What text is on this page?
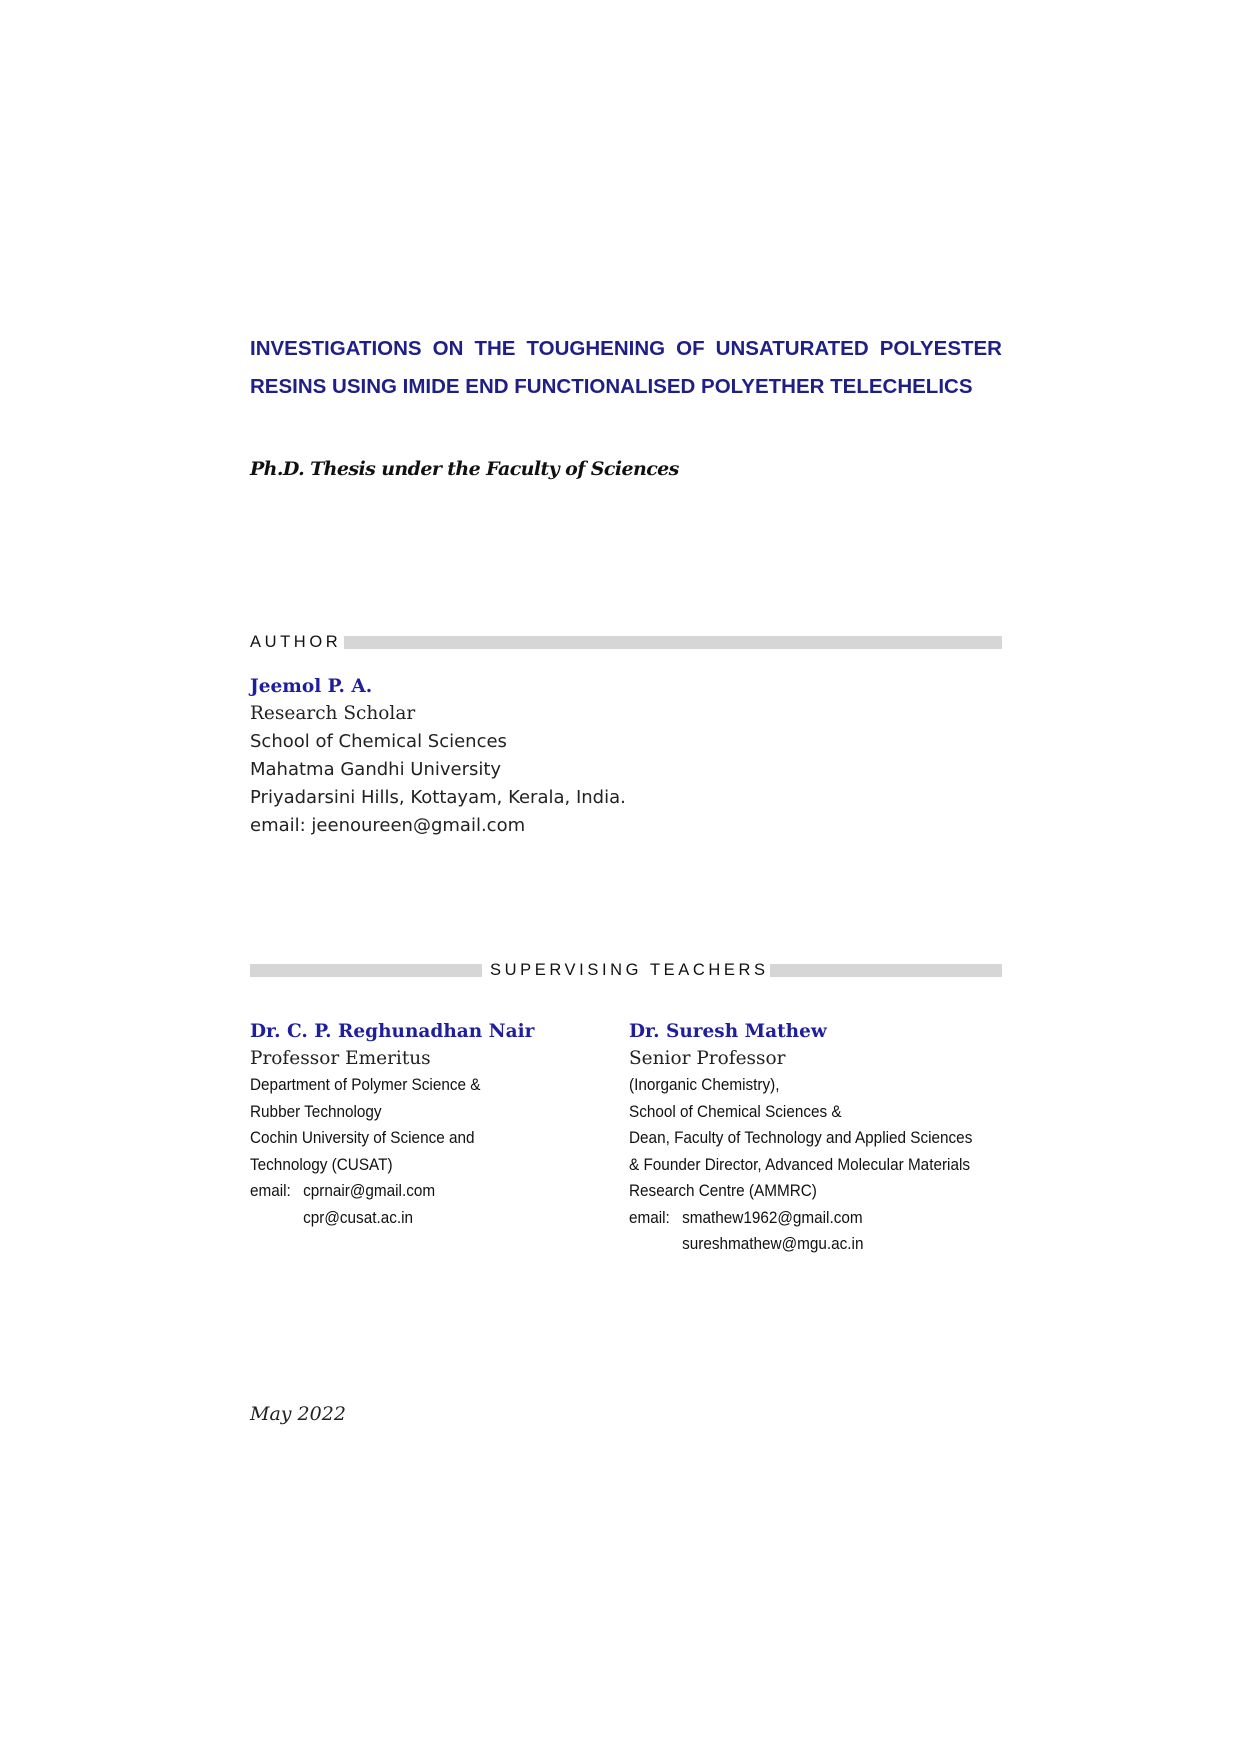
INVESTIGATIONS ON THE TOUGHENING OF UNSATURATED POLYESTER
RESINS USING IMIDE END FUNCTIONALISED POLYETHER TELECHELICS
Ph.D. Thesis under the Faculty of Sciences
AUTHOR
Jeemol P. A.
Research Scholar
School of Chemical Sciences
Mahatma Gandhi University
Priyadarsini Hills, Kottayam, Kerala, India.
email: jeenoureen@gmail.com
SUPERVISING TEACHERS
Dr. C. P. Reghunadhan Nair
Professor Emeritus
Department of Polymer Science &
Rubber Technology
Cochin University of Science and
Technology (CUSAT)
email: cprnair@gmail.com
cpr@cusat.ac.in
Dr. Suresh Mathew
Senior Professor
(Inorganic Chemistry),
School of Chemical Sciences &
Dean, Faculty of Technology and Applied Sciences
& Founder Director, Advanced Molecular Materials
Research Centre (AMMRC)
email: smathew1962@gmail.com
sureshmathew@mgu.ac.in
May 2022
